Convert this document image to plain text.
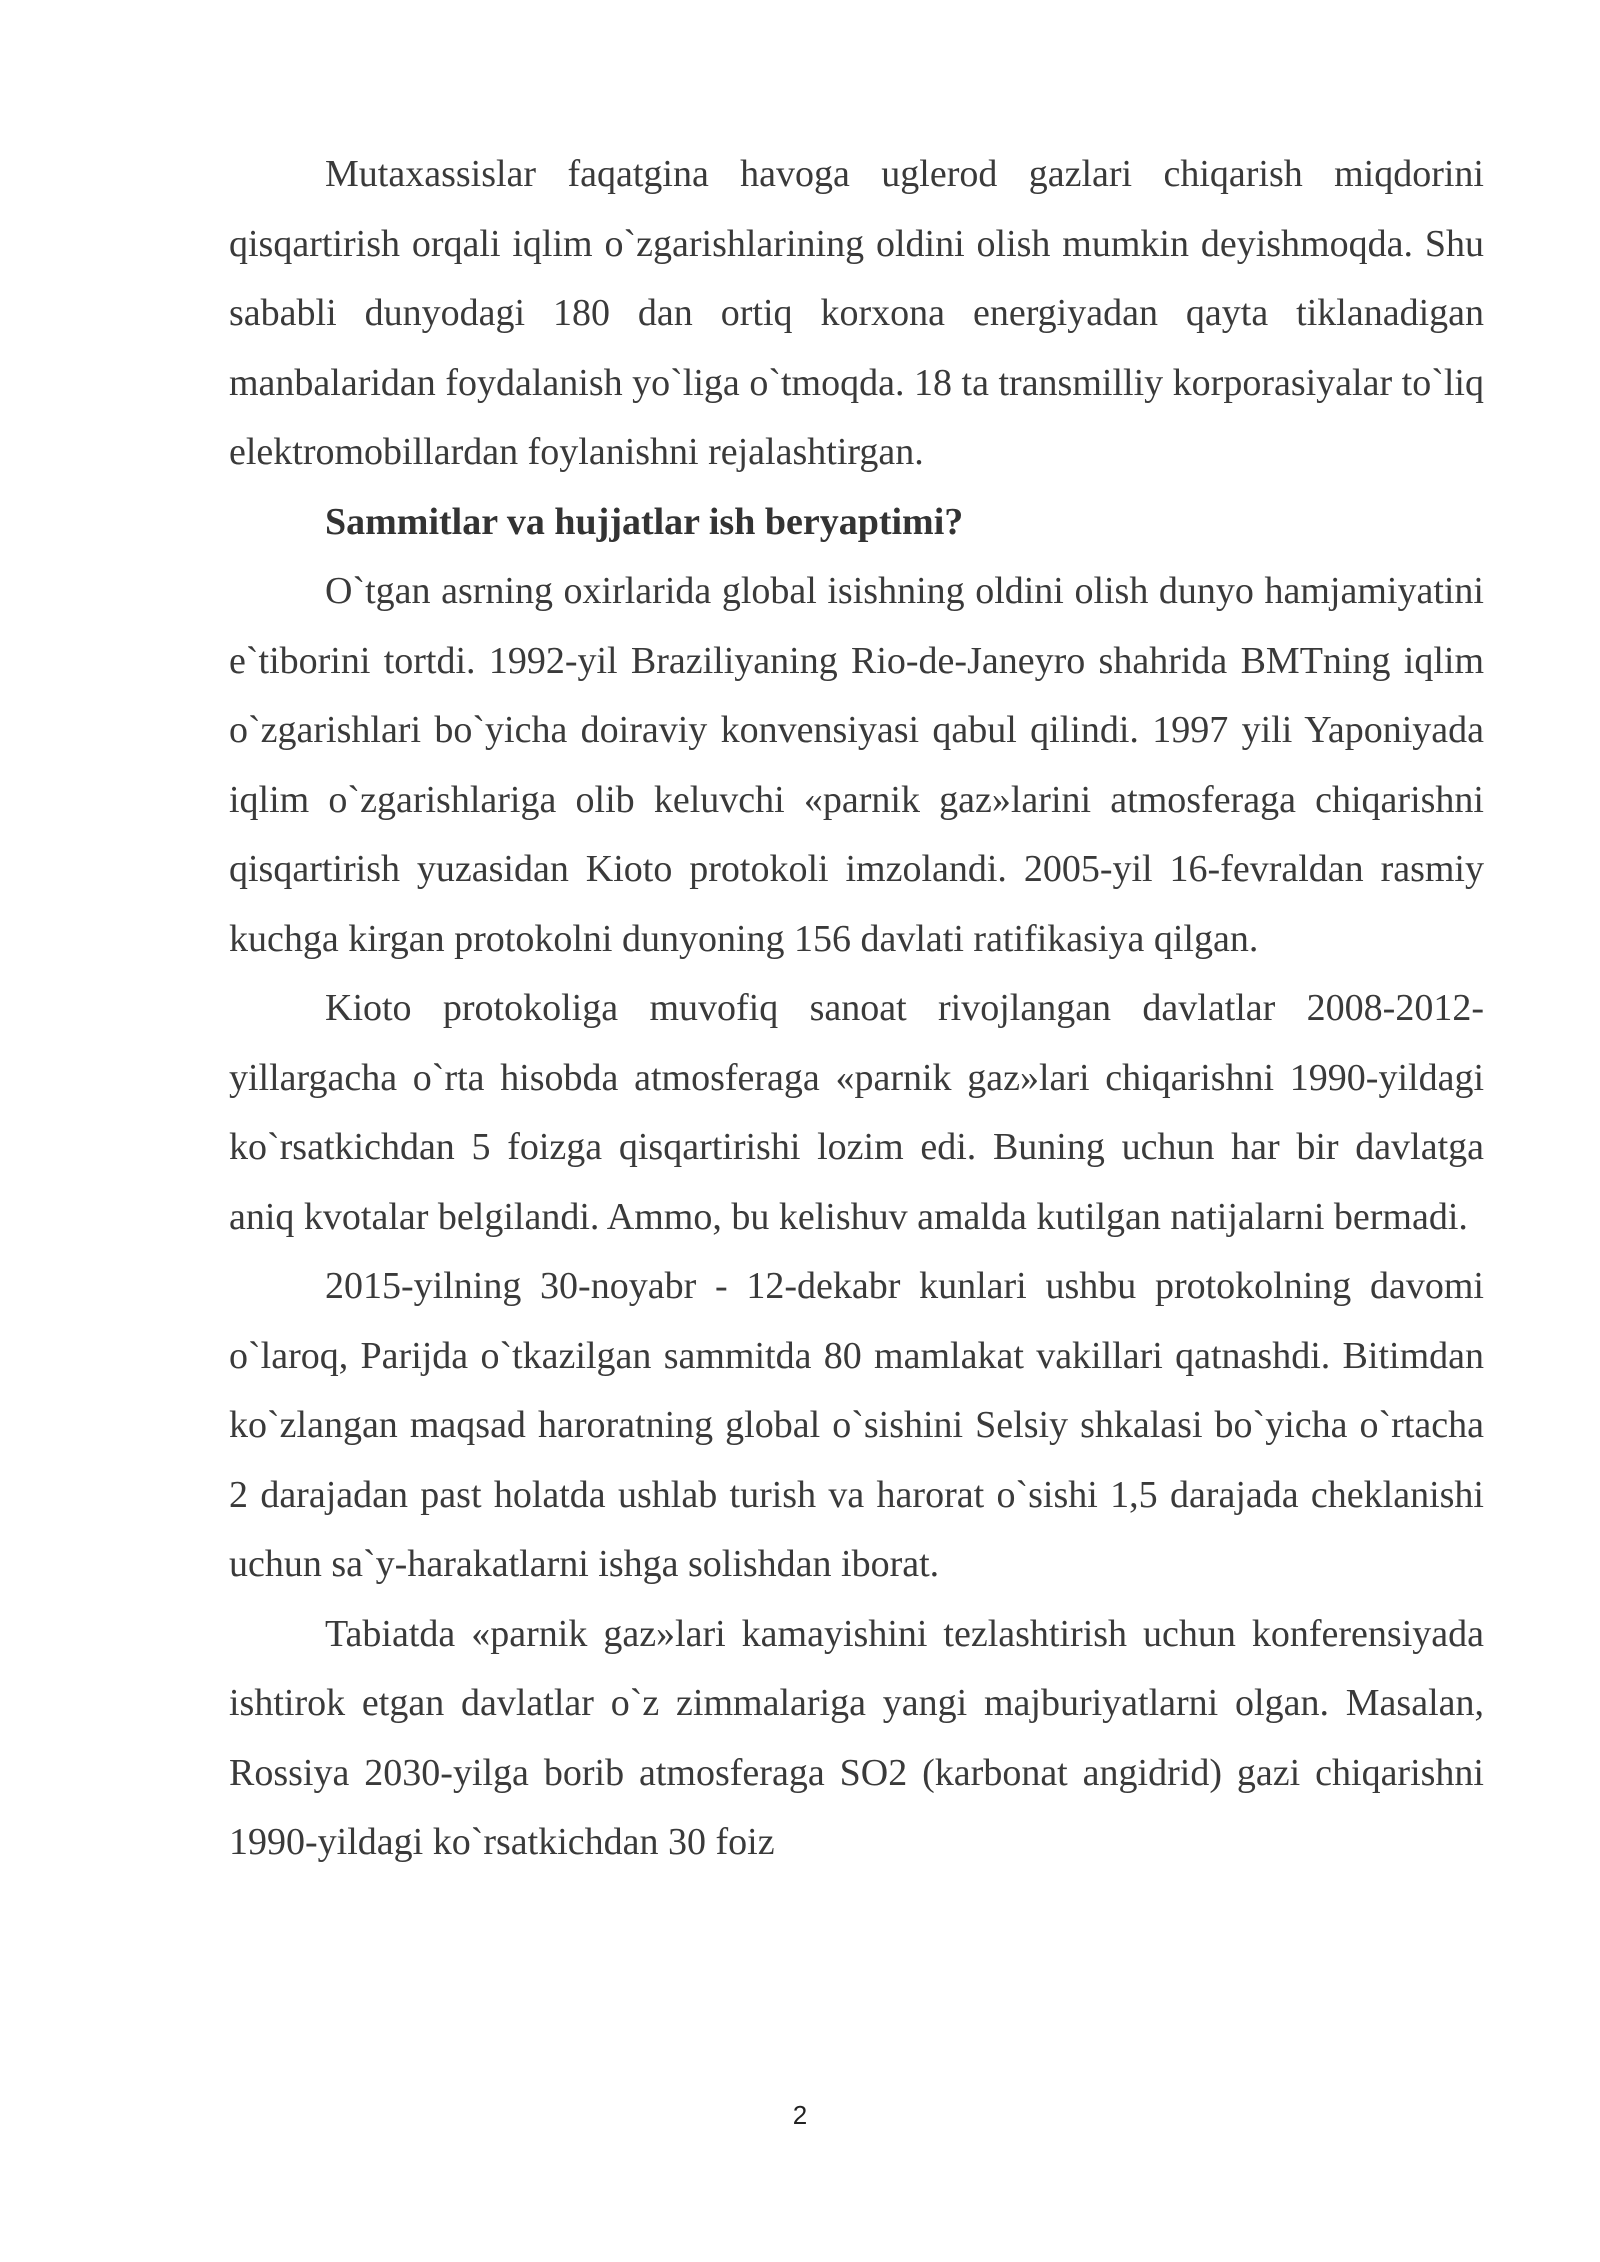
Mutaxassislar faqatgina havoga uglerod gazlari chiqarish miqdorini qisqartirish orqali iqlim o`zgarishlarining oldini olish mumkin deyishmoqda. Shu sababli dunyodagi 180 dan ortiq korxona energiyadan qayta tiklanadigan manbalaridan foydalanish yo`liga o`tmoqda. 18 ta transmilliy korporasiyalar to`liq elektromobillardan foylanishni rejalashtirgan.

Sammitlar va hujjatlar ish beryaptimi?

O`tgan asrning oxirlarida global isishning oldini olish dunyo hamjamiyatini e`tiborini tortdi. 1992-yil Braziliyaning Rio-de-Janeyro shahrida BMTning iqlim o`zgarishlari bo`yicha doiraviy konvensiyasi qabul qilindi. 1997 yili Yaponiyada iqlim o`zgarishlariga olib keluvchi «parnik gaz»larini atmosferaga chiqarishni qisqartirish yuzasidan Kioto protokoli imzolandi. 2005-yil 16-fevraldan rasmiy kuchga kirgan protokolni dunyoning 156 davlati ratifikasiya qilgan.

Kioto protokoliga muvofiq sanoat rivojlangan davlatlar 2008-2012-yillargacha o`rta hisobda atmosferaga «parnik gaz»lari chiqarishni 1990-yildagi ko`rsatkichdan 5 foizga qisqartirishi lozim edi. Buning uchun har bir davlatga aniq kvotalar belgilandi. Ammo, bu kelishuv amalda kutilgan natijalarni bermadi.

2015-yilning 30-noyabr - 12-dekabr kunlari ushbu protokolning davomi o`laroq, Parijda o`tkazilgan sammitda 80 mamlakat vakillari qatnashdi. Bitimdan ko`zlangan maqsad haroratning global o`sishini Selsiy shkalasi bo`yicha o`rtacha 2 darajadan past holatda ushlab turish va harorat o`sishi 1,5 darajada cheklanishi uchun sa`y-harakatlarni ishga solishdan iborat.

Tabiatda «parnik gaz»lari kamayishini tezlashtirish uchun konferensiyada ishtirok etgan davlatlar o`z zimmalariga yangi majburiyatlarni olgan. Masalan, Rossiya 2030-yilga borib atmosferaga SO2 (karbonat angidrid) gazi chiqarishni 1990-yildagi ko`rsatkichdan 30 foiz

2
